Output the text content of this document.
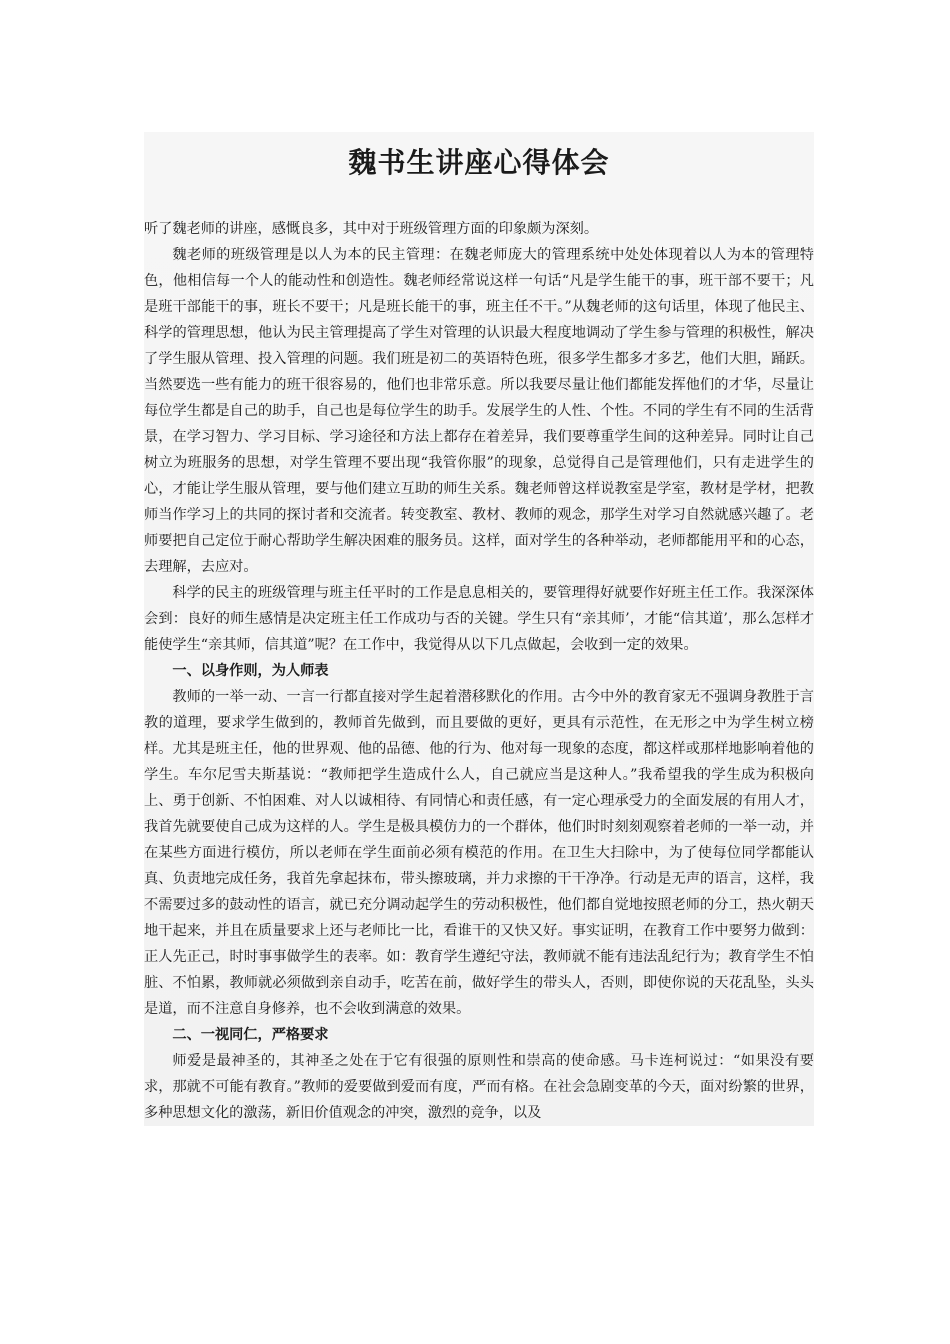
魏书生讲座心得体会

听了魏老师的讲座，感慨良多，其中对于班级管理方面的印象颇为深刻。

魏老师的班级管理是以人为本的民主管理：在魏老师庞大的管理系统中处处体现着以人为本的管理特色，他相信每一个人的能动性和创造性。魏老师经常说这样一句话“凡是学生能干的事，班干部不要干；凡是班干部能干的事，班长不要干；凡是班长能干的事，班主任不干。”从魏老师的这句话里，体现了他民主、科学的管理思想，他认为民主管理提高了学生对管理的认识最大程度地调动了学生参与管理的积极性，解决了学生服从管理、投入管理的问题。我们班是初二的英语特色班，很多学生都多才多艺，他们大胆，踊跃。当然要选一些有能力的班干很容易的，他们也非常乐意。所以我要尽量让他们都能发挥他们的才华，尽量让每位学生都是自己的助手，自己也是每位学生的助手。发展学生的人性、个性。不同的学生有不同的生活背景，在学习智力、学习目标、学习途径和方法上都存在着差异，我们要尊重学生间的这种差异。同时让自己树立为班服务的思想，对学生管理不要出现“我管你服”的现象，总觉得自己是管理他们，只有走进学生的心，才能让学生服从管理，要与他们建立互助的师生关系。魏老师曾这样说教室是学室，教材是学材，把教师当作学习上的共同的探讨者和交流者。转变教室、教材、教师的观念，那学生对学习自然就感兴趣了。老师要把自己定位于耐心帮助学生解决困难的服务员。这样，面对学生的各种举动，老师都能用平和的心态，去理解，去应对。

科学的民主的班级管理与班主任平时的工作是息息相关的，要管理得好就要作好班主任工作。我深深体会到：良好的师生感情是决定班主任工作成功与否的关键。学生只有“亲其师’，才能“信其道’，那么怎样才能使学生“亲其师，信其道”呢？在工作中，我觉得从以下几点做起，会收到一定的效果。

一、以身作则，为人师表

教师的一举一动、一言一行都直接对学生起着潜移默化的作用。古今中外的教育家无不强调身教胜于言教的道理，要求学生做到的，教师首先做到，而且要做的更好，更具有示范性，在无形之中为学生树立榜样。尤其是班主任，他的世界观、他的品德、他的行为、他对每一现象的态度，都这样或那样地影响着他的学生。车尔尼雪夫斯基说：“教师把学生造成什么人，自己就应当是这种人。”我希望我的学生成为积极向上、勇于创新、不怕困难、对人以诚相待、有同情心和责任感，有一定心理承受力的全面发展的有用人才，我首先就要使自己成为这样的人。学生是极具模仿力的一个群体，他们时时刻刻观察着老师的一举一动，并在某些方面进行模仿，所以老师在学生面前必须有模范的作用。在卫生大扫除中，为了使每位同学都能认真、负责地完成任务，我首先拿起抹布，带头擦玻璃，并力求擦的干干净净。行动是无声的语言，这样，我不需要过多的鼓动性的语言，就已充分调动起学生的劳动积极性，他们都自觉地按照老师的分工，热火朝天地干起来，并且在质量要求上还与老师比一比，看谁干的又快又好。事实证明，在教育工作中要努力做到：正人先正己，时时事事做学生的表率。如：教育学生遵纪守法，教师就不能有违法乱纪行为；教育学生不怕脏、不怕累，教师就必须做到亲自动手，吃苦在前，做好学生的带头人，否则，即使你说的天花乱坠，头头是道，而不注意自身修养，也不会收到满意的效果。

二、一视同仁，严格要求

师爱是最神圣的，其神圣之处在于它有很强的原则性和崇高的使命感。马卡连柯说过：“如果没有要求，那就不可能有教育。”教师的爱要做到爱而有度，严而有格。在社会急剧变革的今天，面对纷繁的世界，多种思想文化的激荡，新旧价值观念的冲突，激烈的竞争，以及
